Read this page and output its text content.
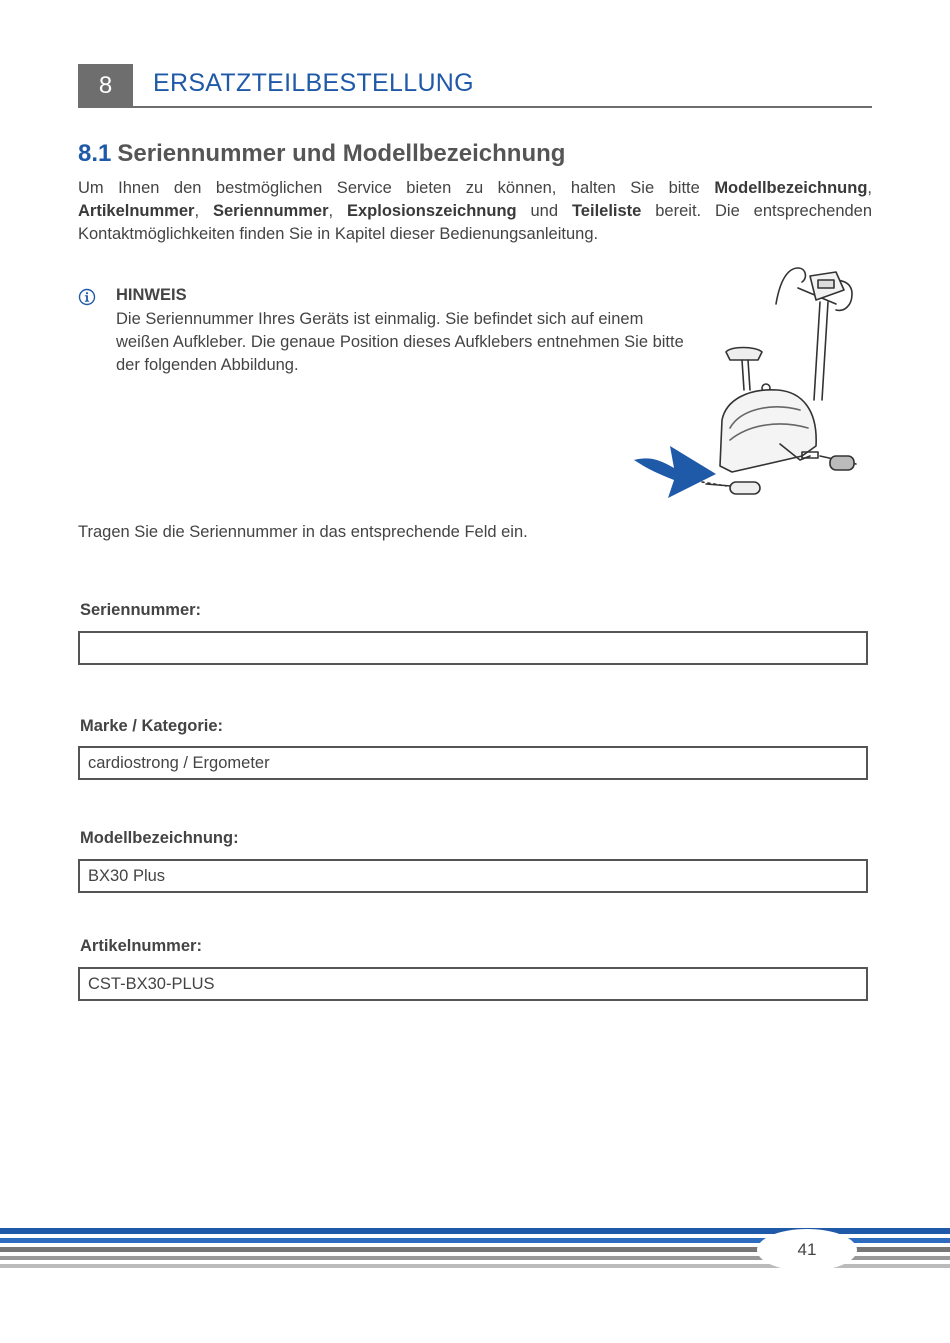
8	ERSATZTEILBESTELLUNG
8.1 Seriennummer und Modellbezeichnung
Um Ihnen den bestmöglichen Service bieten zu können, halten Sie bitte Modellbezeichnung, Artikelnummer, Seriennummer, Explosionszeichnung und Teileliste bereit. Die entsprechenden Kontaktmöglichkeiten finden Sie in Kapitel dieser Bedienungsanleitung.
HINWEIS
Die Seriennummer Ihres Geräts ist einmalig. Sie befindet sich auf einem weißen Aufkleber. Die genaue Position dieses Aufklebers entnehmen Sie bitte der folgenden Abbildung.
Tragen Sie die Seriennummer in das entsprechende Feld ein.
Seriennummer:
Marke / Kategorie:
cardiostrong / Ergometer
Modellbezeichnung:
BX30 Plus
Artikelnummer:
CST-BX30-PLUS
41
